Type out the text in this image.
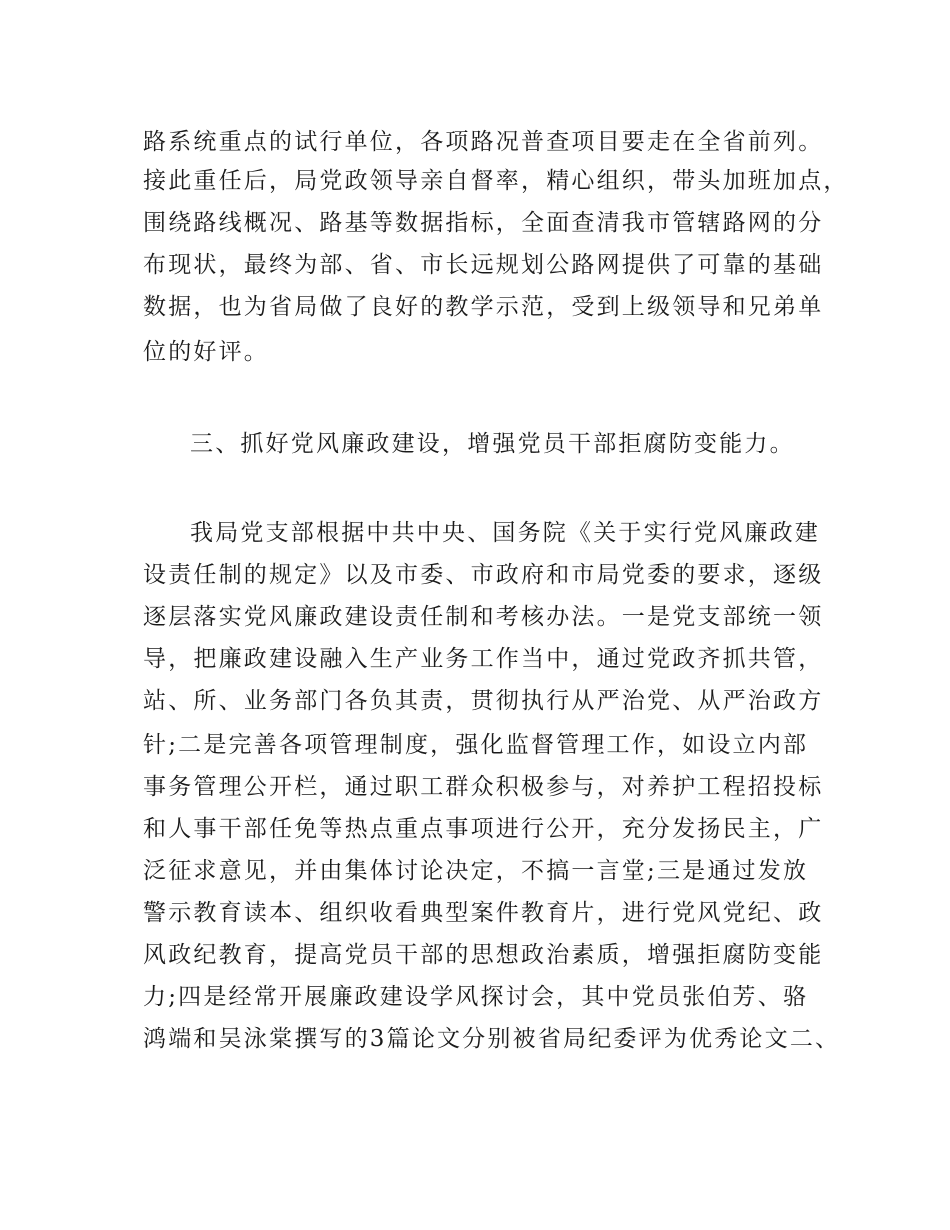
路系统重点的试行单位，各项路况普查项目要走在全省前列。
接此重任后，局党政领导亲自督率，精心组织，带头加班加点，
围绕路线概况、路基等数据指标，全面查清我市管辖路网的分
布现状，最终为部、省、市长远规划公路网提供了可靠的基础
数据，也为省局做了良好的教学示范，受到上级领导和兄弟单
位的好评。
三、抓好党风廉政建设，增强党员干部拒腐防变能力。
我局党支部根据中共中央、国务院《关于实行党风廉政建
设责任制的规定》以及市委、市政府和市局党委的要求，逐级
逐层落实党风廉政建设责任制和考核办法。一是党支部统一领
导，把廉政建设融入生产业务工作当中，通过党政齐抓共管，
站、所、业务部门各负其责，贯彻执行从严治党、从严治政方
针;二是完善各项管理制度，强化监督管理工作，如设立内部
事务管理公开栏，通过职工群众积极参与，对养护工程招投标
和人事干部任免等热点重点事项进行公开，充分发扬民主，广
泛征求意见，并由集体讨论决定，不搞一言堂;三是通过发放
警示教育读本、组织收看典型案件教育片，进行党风党纪、政
风政纪教育，提高党员干部的思想政治素质，增强拒腐防变能
力;四是经常开展廉政建设学风探讨会，其中党员张伯芳、骆
鸿端和吴泳棠撰写的3篇论文分别被省局纪委评为优秀论文二、
